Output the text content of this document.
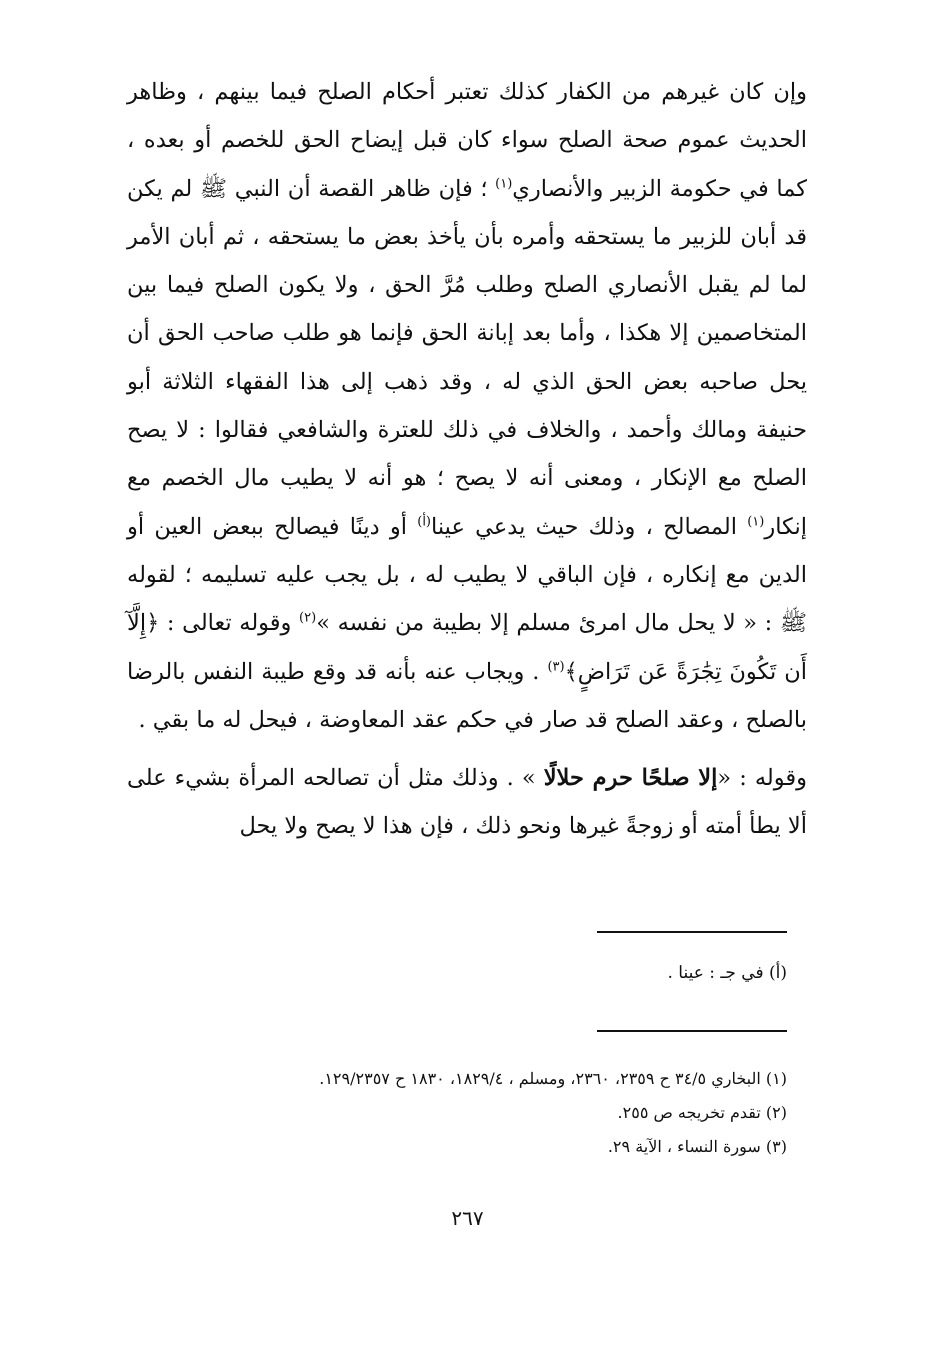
وإن كان غيرهم من الكفار كذلك تعتبر أحكام الصلح فيما بينهم ، وظاهر الحديث عموم صحة الصلح سواء كان قبل إيضاح الحق للخصم أو بعده ، كما في حكومة الزبير والأنصاري$^{(١)}$ ؛ فإن ظاهر القصة أن النبي ﷺ لم يكن قد أبان للزبير ما يستحقه وأمره بأن يأخذ بعض ما يستحقه ، ثم أبان الأمر لما لم يقبل الأنصاري الصلح وطلب مُرَّ الحق ، ولا يكون الصلح فيما بين المتخاصمين إلا هكذا ، وأما بعد إبانة الحق فإنما هو طلب صاحب الحق أن يحل صاحبه بعض الحق الذي له ، وقد ذهب إلى هذا الفقهاء الثلاثة أبو حنيفة ومالك وأحمد ، والخلاف في ذلك للعترة والشافعي فقالوا : لا يصح الصلح مع الإنكار ، ومعنى أنه لا يصح ؛ هو أنه لا يطيب مال الخصم مع إنكار$^{(١)}$ المصالح ، وذلك حيث يدعي عينا$^{(أ)}$ أو دينًا فيصالح ببعض العين أو الدين مع إنكاره ، فإن الباقي لا يطيب له ، بل يجب عليه تسليمه ؛ لقوله ﷺ : « لا يحل مال امرئ مسلم إلا بطيبة من نفسه »$^{(٢)}$ وقوله تعالى : ﴿إِلَّآ أَن تَكُونَ تِجَٰرَةً عَن تَرَاضٍ﴾$^{(٣)}$ . ويجاب عنه بأنه قد وقع طيبة النفس بالرضا بالصلح ، وعقد الصلح قد صار في حكم عقد المعاوضة ، فيحل له ما بقي .

وقوله : «إلا صلحًا حرم حلالًا » . وذلك مثل أن تصالحه المرأة بشيء على ألا يطأ أمته أو زوجةً غيرها ونحو ذلك ، فإن هذا لا يصح ولا يحل

(أ) في جـ : عينا .

(١) البخاري ٣٤/٥ ح ٢٣٥٩، ٢٣٦٠، ومسلم ، ١٨٢٩/٤، ١٨٣٠ ح ١٢٩/٢٣٥٧.

(٢) تقدم تخريجه ص ٢٥٥.

(٣) سورة النساء ، الآية ٢٩.

٢٦٧
